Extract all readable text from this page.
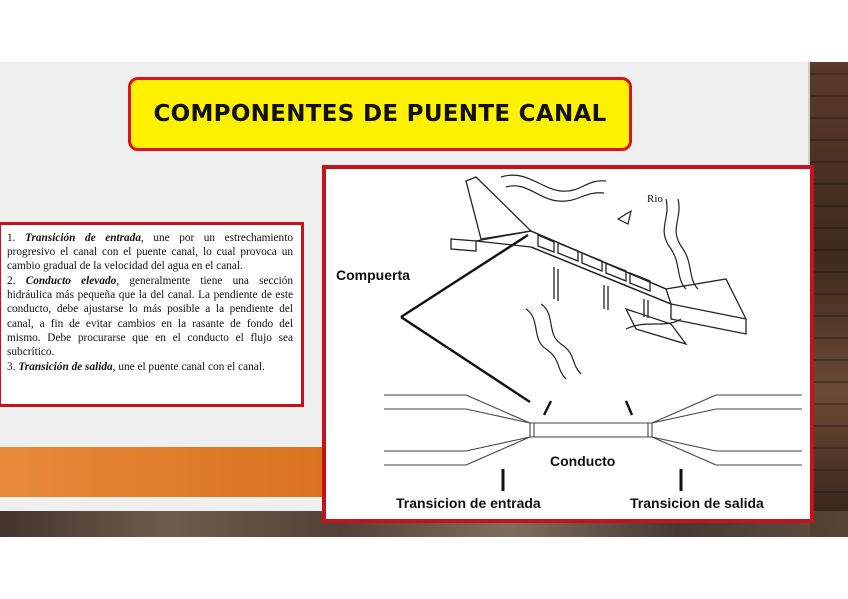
COMPONENTES DE PUENTE CANAL

1. Transición de entrada, une por un estrechamiento progresivo el canal con el puente canal, lo cual provoca un cambio gradual de la velocidad del agua en el canal.

2. Conducto elevado, generalmente tiene una sección hidráulica más pequeña que la del canal. La pendiente de este conducto, debe ajustarse lo más posible a la pendiente del canal, a fin de evitar cambios en la rasante de fondo del mismo. Debe procurarse que en el conducto el flujo sea subcrítico.

3. Transición de salida, une el puente canal con el canal.

Rio
Compuerta
Conducto
Transicion de entrada	Transicion de salida
